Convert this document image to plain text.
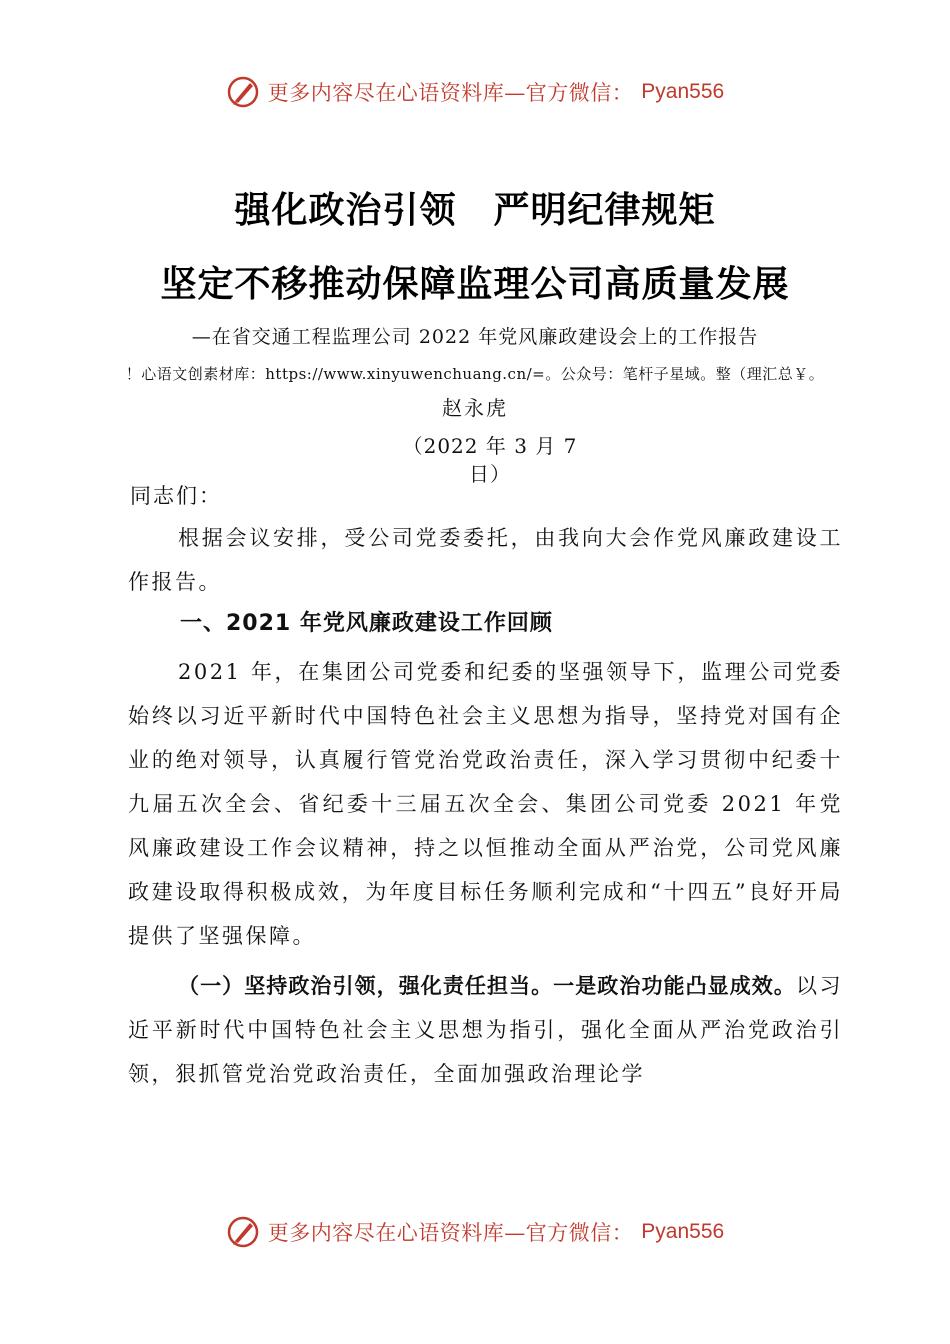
更多内容尽在心语资料库—官方微信： Pyan556
强化政治引领　严明纪律规矩
坚定不移推动保障监理公司高质量发展
—在省交通工程监理公司 2022 年党风廉政建设会上的工作报告
！心语文创素材库：https://www.xinyuwenchuang.cn/=。公众号：笔杆子星域。整（理汇总￥。
赵永虎
（2022 年 3 月 7 日）
同志们：
根据会议安排，受公司党委委托，由我向大会作党风廉政建设工作报告。
一、2021 年党风廉政建设工作回顾
2021 年，在集团公司党委和纪委的坚强领导下，监理公司党委始终以习近平新时代中国特色社会主义思想为指导，坚持党对国有企业的绝对领导，认真履行管党治党政治责任，深入学习贯彻中纪委十九届五次全会、省纪委十三届五次全会、集团公司党委 2021 年党风廉政建设工作会议精神，持之以恒推动全面从严治党，公司党风廉政建设取得积极成效，为年度目标任务顺利完成和“十四五”良好开局提供了坚强保障。
（一）坚持政治引领，强化责任担当。一是政治功能凸显成效。以习近平新时代中国特色社会主义思想为指引，强化全面从严治党政治引领，狠抓管党治党政治责任，全面加强政治理论学
更多内容尽在心语资料库—官方微信： Pyan556
